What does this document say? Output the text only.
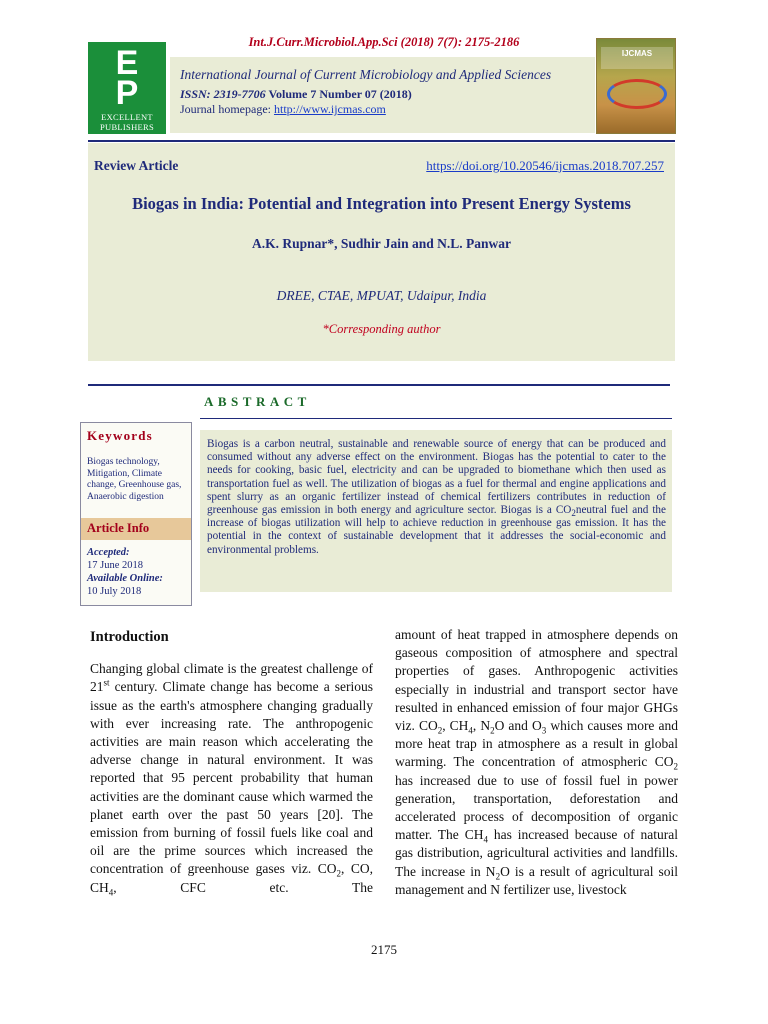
Int.J.Curr.Microbiol.App.Sci (2018) 7(7): 2175-2186
E
P
EXCELLENT PUBLISHERS
International Journal of Current Microbiology and Applied Sciences
ISSN: 2319-7706 Volume 7 Number 07 (2018)
Journal homepage: http://www.ijcmas.com
IJCMAS
Review Article	https://doi.org/10.20546/ijcmas.2018.707.257
Biogas in India: Potential and Integration into Present Energy Systems
A.K. Rupnar*, Sudhir Jain and N.L. Panwar
DREE, CTAE, MPUAT, Udaipur, India
*Corresponding author
ABSTRACT
Keywords
Biogas technology, Mitigation, Climate change, Greenhouse gas, Anaerobic digestion
Article Info
Accepted:
17 June 2018
Available Online:
10 July 2018

Biogas is a carbon neutral, sustainable and renewable source of energy that can be produced and consumed without any adverse effect on the environment. Biogas has the potential to cater to the needs for cooking, basic fuel, electricity and can be upgraded to biomethane which then used as transportation fuel as well. The utilization of biogas as a fuel for thermal and engine applications and spent slurry as an organic fertilizer instead of chemical fertilizers contributes in reduction of greenhouse gas emission in both energy and agriculture sector. Biogas is a $CO_2neutral$ fuel and the increase of biogas utilization will help to achieve reduction in greenhouse gas emission. It has the potential in the context of sustainable development that it addresses the social-economic and environmental problems.

Introduction

Changing global climate is the greatest challenge of 21st century. Climate change has become a serious issue as the earth's atmosphere changing gradually with ever increasing rate. The anthropogenic activities are main reason which accelerating the adverse change in natural environment. It was reported that 95 percent probability that human activities are the dominant cause which warmed the planet earth over the past 50 years [20]. The emission from burning of fossil fuels like coal and oil are the prime sources which increased the concentration of greenhouse gases viz. $CO_2$, CO, $CH_4$, CFC etc. The

amount of heat trapped in atmosphere depends on gaseous composition of atmosphere and spectral properties of gases. Anthropogenic activities especially in industrial and transport sector have resulted in enhanced emission of four major GHGs viz. $CO_2$, $CH_4$, $N_2O$ and $O_3$ which causes more and more heat trap in atmosphere as a result in global warming. The concentration of atmospheric $CO_2$ has increased due to use of fossil fuel in power generation, transportation, deforestation and accelerated process of decomposition of organic matter. The $CH_4$ has increased because of natural gas distribution, agricultural activities and landfills. The increase in $N_2O$ is a result of agricultural soil management and N fertilizer use, livestock

2175
